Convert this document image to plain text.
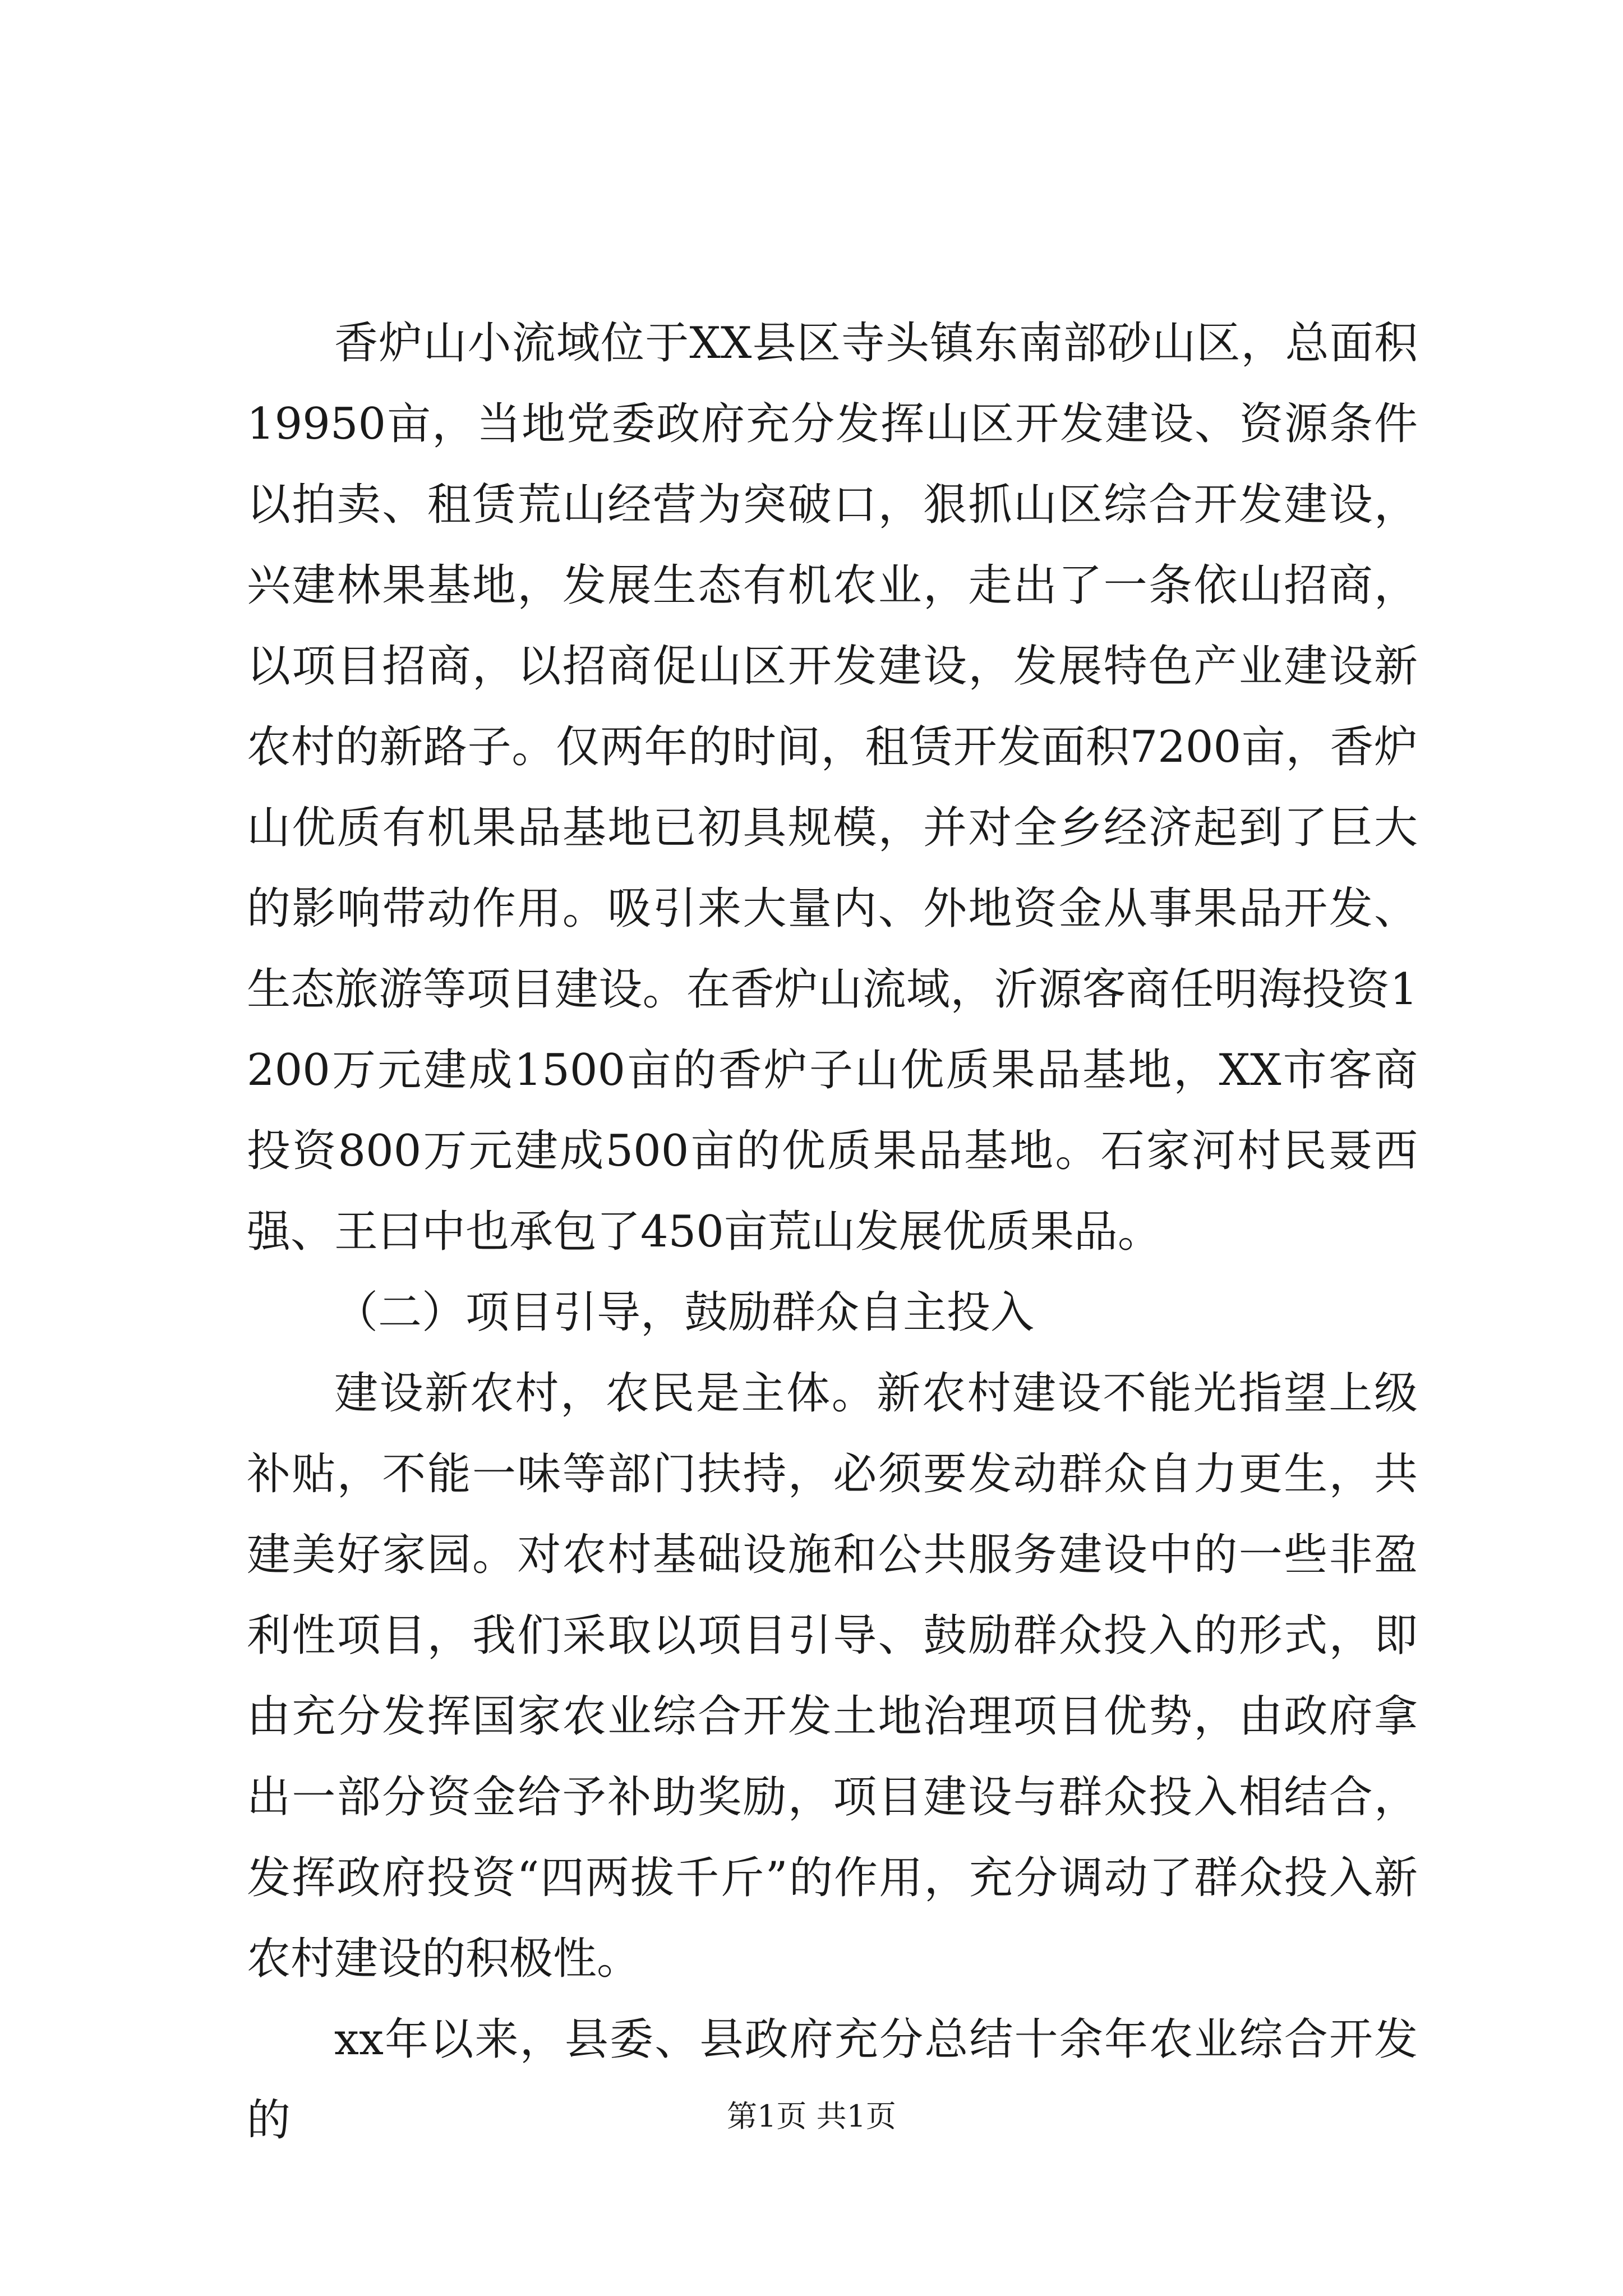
香炉山小流域位于XX县区寺头镇东南部砂山区，总面积19950亩，当地党委政府充分发挥山区开发建设、资源条件以拍卖、租赁荒山经营为突破口，狠抓山区综合开发建设，兴建林果基地，发展生态有机农业，走出了一条依山招商，以项目招商，以招商促山区开发建设，发展特色产业建设新农村的新路子。仅两年的时间，租赁开发面积7200亩，香炉山优质有机果品基地已初具规模，并对全乡经济起到了巨大的影响带动作用。吸引来大量内、外地资金从事果品开发、生态旅游等项目建设。在香炉山流域，沂源客商任明海投资1200万元建成1500亩的香炉子山优质果品基地，XX市客商投资800万元建成500亩的优质果品基地。石家河村民聂西强、王曰中也承包了450亩荒山发展优质果品。

（二）项目引导，鼓励群众自主投入

建设新农村，农民是主体。新农村建设不能光指望上级补贴，不能一味等部门扶持，必须要发动群众自力更生，共建美好家园。对农村基础设施和公共服务建设中的一些非盈利性项目，我们采取以项目引导、鼓励群众投入的形式，即由充分发挥国家农业综合开发土地治理项目优势，由政府拿出一部分资金给予补助奖励，项目建设与群众投入相结合，发挥政府投资“四两拔千斤”的作用，充分调动了群众投入新农村建设的积极性。

xx年以来，县委、县政府充分总结十余年农业综合开发的	第1页 共1页
